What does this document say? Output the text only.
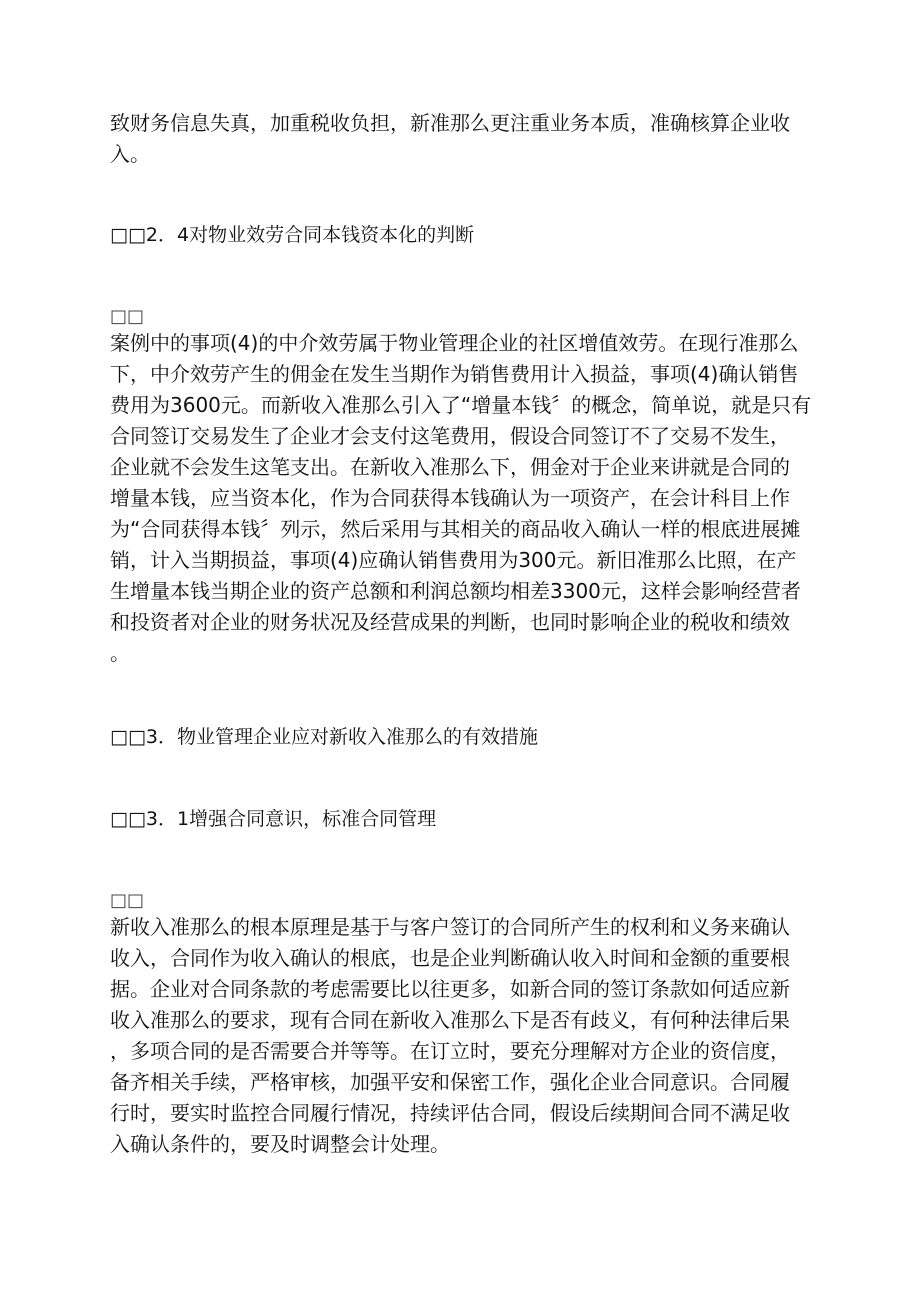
致财务信息失真，加重税收负担，新准那么更注重业务本质，准确核算企业收
入。
□□2．4对物业效劳合同本钱资本化的判断
□□
案例中的事项(4)的中介效劳属于物业管理企业的社区增值效劳。在现行准那么
下，中介效劳产生的佣金在发生当期作为销售费用计入损益，事项(4)确认销售
费用为3600元。而新收入准那么引入了“增量本钱〞的概念，简单说，就是只有
合同签订交易发生了企业才会支付这笔费用，假设合同签订不了交易不发生，
企业就不会发生这笔支出。在新收入准那么下，佣金对于企业来讲就是合同的
增量本钱，应当资本化，作为合同获得本钱确认为一项资产，在会计科目上作
为“合同获得本钱〞列示，然后采用与其相关的商品收入确认一样的根底进展摊
销，计入当期损益，事项(4)应确认销售费用为300元。新旧准那么比照，在产
生增量本钱当期企业的资产总额和利润总额均相差3300元，这样会影响经营者
和投资者对企业的财务状况及经营成果的判断，也同时影响企业的税收和绩效
。
□□3．物业管理企业应对新收入准那么的有效措施
□□3．1增强合同意识，标准合同管理
□□
新收入准那么的根本原理是基于与客户签订的合同所产生的权利和义务来确认
收入，合同作为收入确认的根底，也是企业判断确认收入时间和金额的重要根
据。企业对合同条款的考虑需要比以往更多，如新合同的签订条款如何适应新
收入准那么的要求，现有合同在新收入准那么下是否有歧义，有何种法律后果
，多项合同的是否需要合并等等。在订立时，要充分理解对方企业的资信度，
备齐相关手续，严格审核，加强平安和保密工作，强化企业合同意识。合同履
行时，要实时监控合同履行情况，持续评估合同，假设后续期间合同不满足收
入确认条件的，要及时调整会计处理。
